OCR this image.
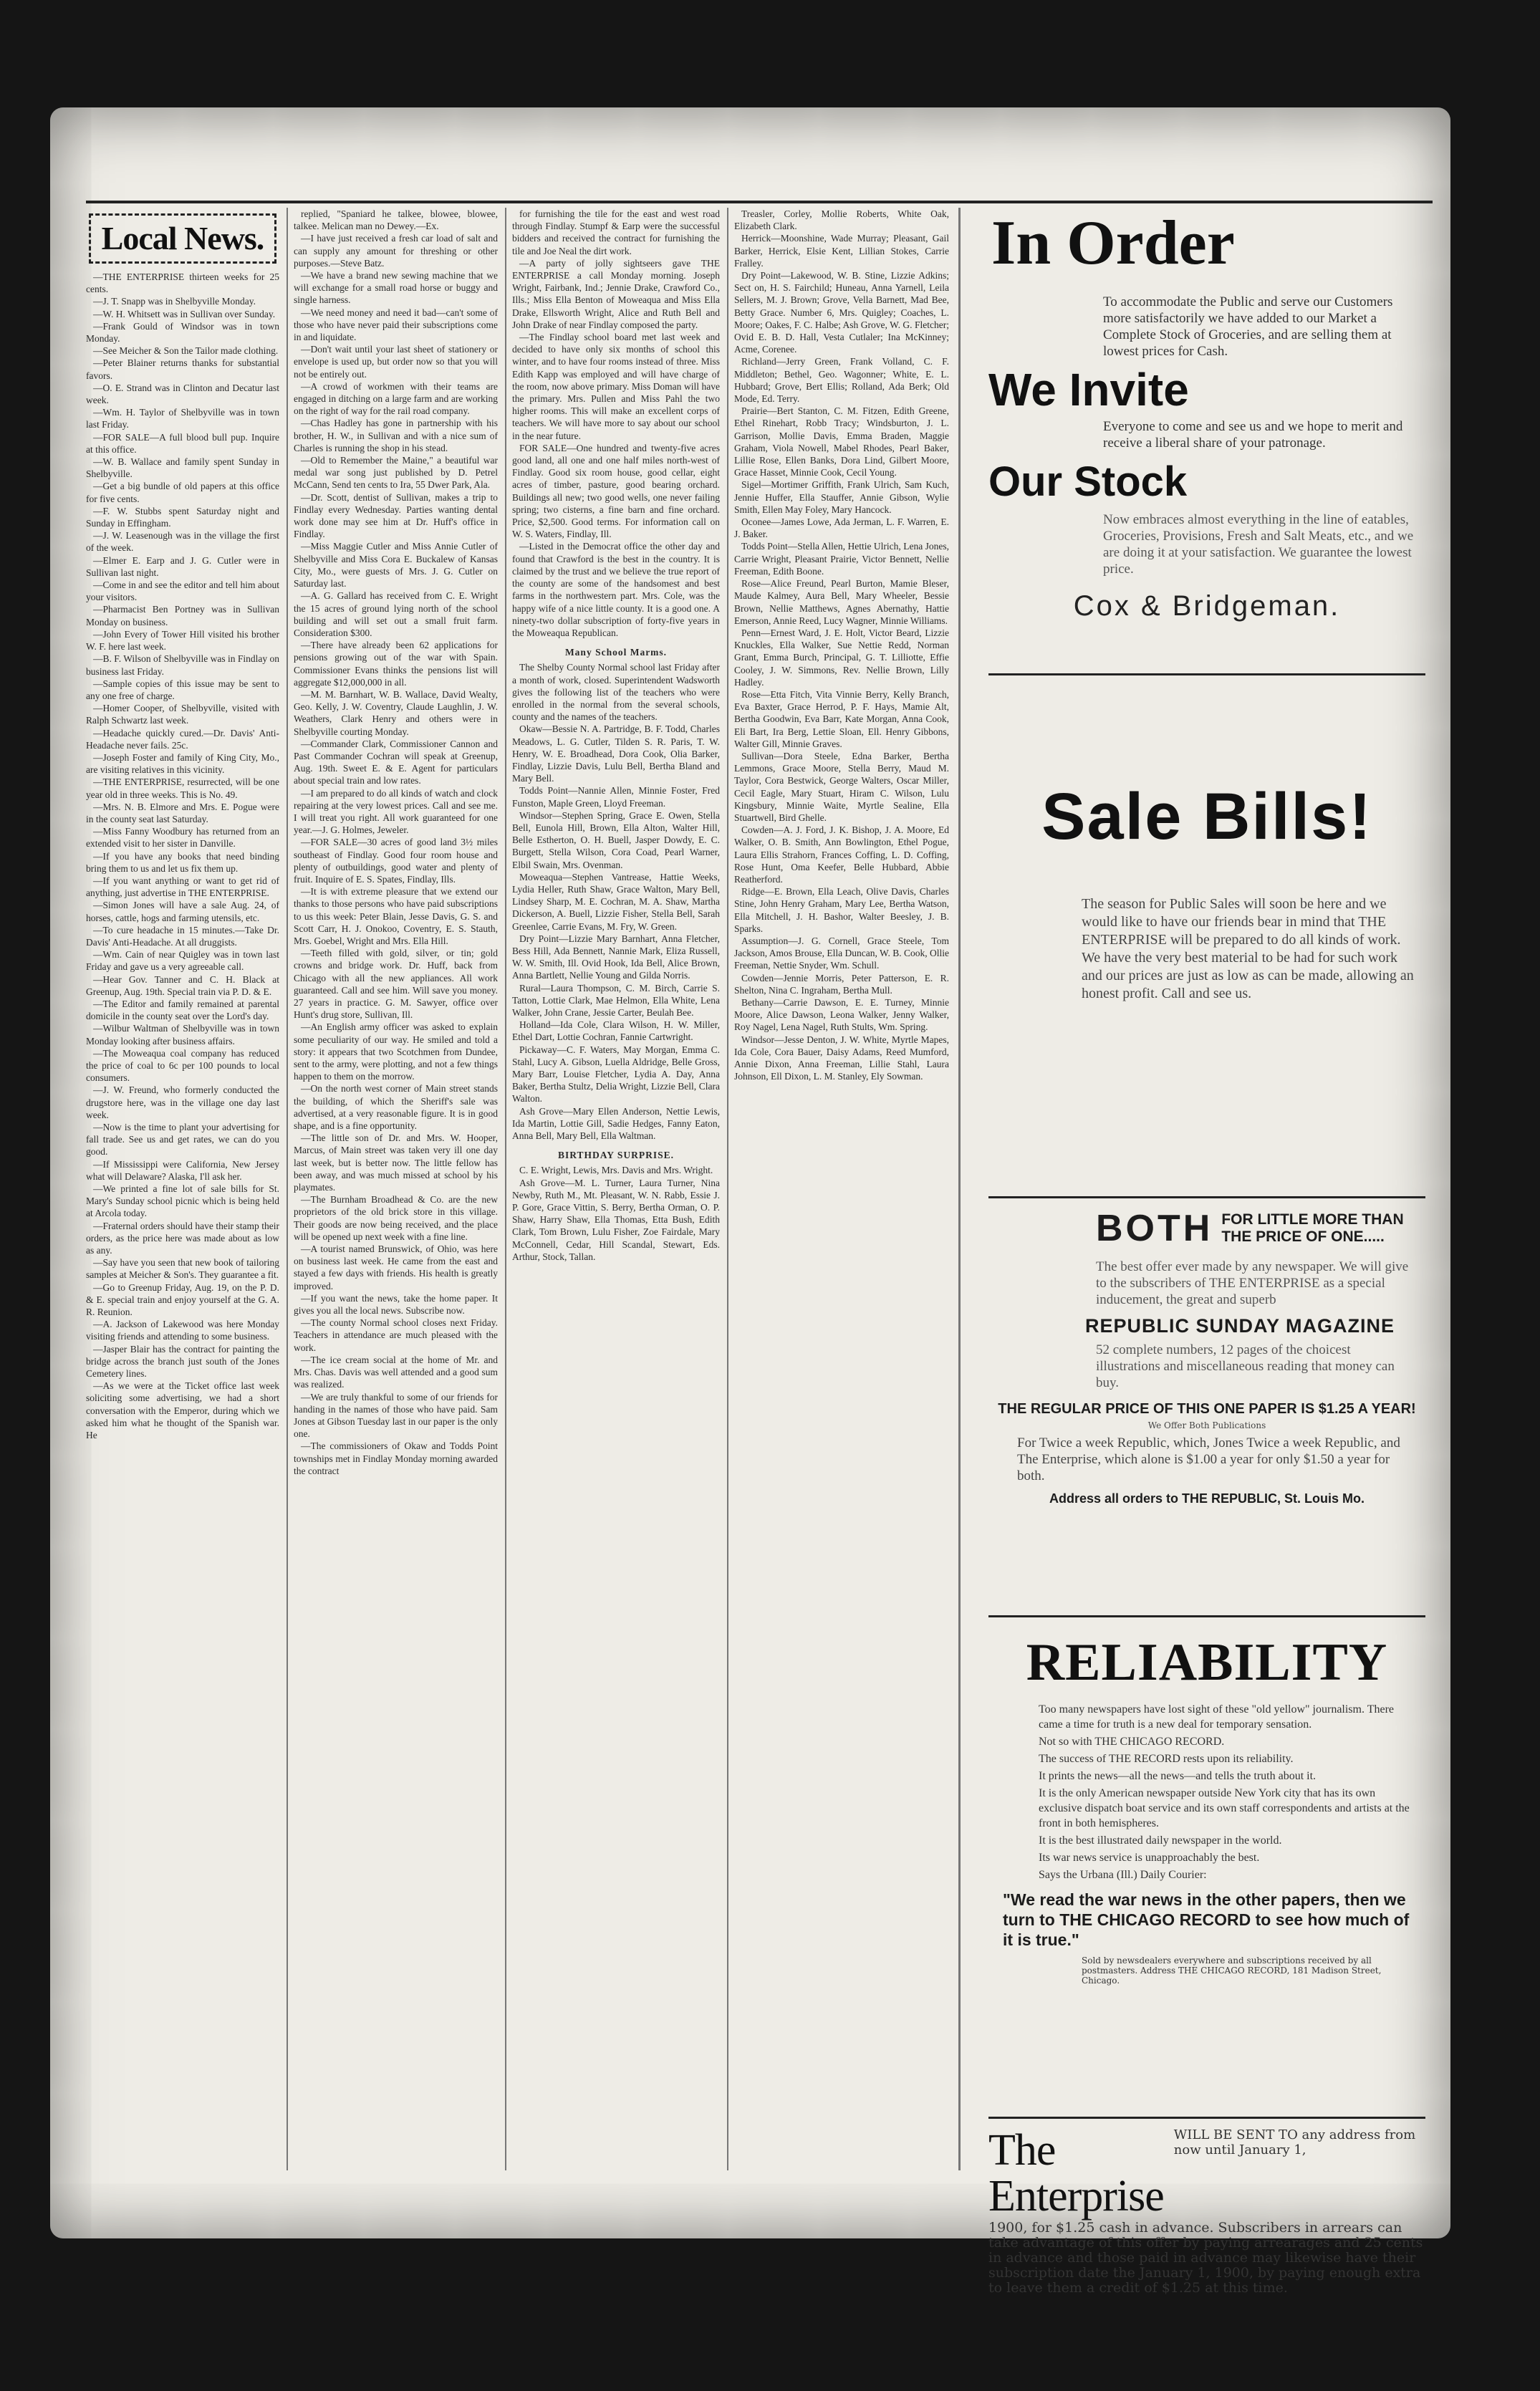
Local News.

—THE ENTERPRISE thirteen weeks for 25 cents.

—J. T. Snapp was in Shelbyville Monday.

—W. H. Whitsett was in Sullivan over Sunday.

—Frank Gould of Windsor was in town Monday.

—See Meicher & Son the Tailor made clothing.

—Peter Blainer returns thanks for substantial favors.

—O. E. Strand was in Clinton and Decatur last week.

—Wm. H. Taylor of Shelbyville was in town last Friday.

—FOR SALE—A full blood bull pup. Inquire at this office.

—W. B. Wallace and family spent Sunday in Shelbyville.

—Get a big bundle of old papers at this office for five cents.

—F. W. Stubbs spent Saturday night and Sunday in Effingham.

—J. W. Leasenough was in the village the first of the week.

—Elmer E. Earp and J. G. Cutler were in Sullivan last night.

—Come in and see the editor and tell him about your visitors.

—Pharmacist Ben Portney was in Sullivan Monday on business.

—John Every of Tower Hill visited his brother W. F. here last week.

—B. F. Wilson of Shelbyville was in Findlay on business last Friday.

—Sample copies of this issue may be sent to any one free of charge.

—Homer Cooper, of Shelbyville, visited with Ralph Schwartz last week.

—Headache quickly cured.—Dr. Davis' Anti-Headache never fails. 25c.

—Joseph Foster and family of King City, Mo., are visiting relatives in this vicinity.

—THE ENTERPRISE, resurrected, will be one year old in three weeks. This is No. 49.

—Mrs. N. B. Elmore and Mrs. E. Pogue were in the county seat last Saturday.

—Miss Fanny Woodbury has returned from an extended visit to her sister in Danville.

—If you have any books that need binding bring them to us and let us fix them up.

—If you want anything or want to get rid of anything, just advertise in THE ENTERPRISE.

—Simon Jones will have a sale Aug. 24, of horses, cattle, hogs and farming utensils, etc.

—To cure headache in 15 minutes.—Take Dr. Davis' Anti-Headache. At all druggists.

—Wm. Cain of near Quigley was in town last Friday and gave us a very agreeable call.

—Hear Gov. Tanner and C. H. Black at Greenup, Aug. 19th. Special train via P. D. & E.

—The Editor and family remained at parental domicile in the county seat over the Lord's day.

—Wilbur Waltman of Shelbyville was in town Monday looking after business affairs.

—The Moweaqua coal company has reduced the price of coal to 6c per 100 pounds to local consumers.

—J. W. Freund, who formerly conducted the drugstore here, was in the village one day last week.

—Now is the time to plant your advertising for fall trade. See us and get rates, we can do you good.

—If Mississippi were California, New Jersey what will Delaware? Alaska, I'll ask her.

—We printed a fine lot of sale bills for St. Mary's Sunday school picnic which is being held at Arcola today.

—Fraternal orders should have their stamp their orders, as the price here was made about as low as any.

—Say have you seen that new book of tailoring samples at Meicher & Son's. They guarantee a fit.

—Go to Greenup Friday, Aug. 19, on the P. D. & E. special train and enjoy yourself at the G. A. R. Reunion.

—A. Jackson of Lakewood was here Monday visiting friends and attending to some business.

—Jasper Blair has the contract for painting the bridge across the branch just south of the Jones Cemetery lines.

—As we were at the Ticket office last week soliciting some advertising, we had a short conversation with the Emperor, during which we asked him what he thought of the Spanish war. He

replied, "Spaniard he talkee, blowee, blowee, talkee. Melican man no Dewey.—Ex.

—I have just received a fresh car load of salt and can supply any amount for threshing or other purposes.—Steve Batz.

—We have a brand new sewing machine that we will exchange for a small road horse or buggy and single harness.

—We need money and need it bad—can't some of those who have never paid their subscriptions come in and liquidate.

—Don't wait until your last sheet of stationery or envelope is used up, but order now so that you will not be entirely out.

—A crowd of workmen with their teams are engaged in ditching on a large farm and are working on the right of way for the rail road company.

—Chas Hadley has gone in partnership with his brother, H. W., in Sullivan and with a nice sum of Charles is running the shop in his stead.

—Old to Remember the Maine," a beautiful war medal war song just published by D. Petrel McCann, Send ten cents to Ira, 55 Dwer Park, Ala.

—Dr. Scott, dentist of Sullivan, makes a trip to Findlay every Wednesday. Parties wanting dental work done may see him at Dr. Huff's office in Findlay.

—Miss Maggie Cutler and Miss Annie Cutler of Shelbyville and Miss Cora E. Buckalew of Kansas City, Mo., were guests of Mrs. J. G. Cutler on Saturday last.

—A. G. Gallard has received from C. E. Wright the 15 acres of ground lying north of the school building and will set out a small fruit farm. Consideration $300.

—There have already been 62 applications for pensions growing out of the war with Spain. Commissioner Evans thinks the pensions list will aggregate $12,000,000 in all.

—M. M. Barnhart, W. B. Wallace, David Wealty, Geo. Kelly, J. W. Coventry, Claude Laughlin, J. W. Weathers, Clark Henry and others were in Shelbyville courting Monday.

—Commander Clark, Commissioner Cannon and Past Commander Cochran will speak at Greenup, Aug. 19th. Sweet E. & E. Agent for particulars about special train and low rates.

—I am prepared to do all kinds of watch and clock repairing at the very lowest prices. Call and see me. I will treat you right. All work guaranteed for one year.—J. G. Holmes, Jeweler.

—FOR SALE—30 acres of good land 3½ miles southeast of Findlay. Good four room house and plenty of outbuildings, good water and plenty of fruit. Inquire of E. S. Spates, Findlay, Ills.

—It is with extreme pleasure that we extend our thanks to those persons who have paid subscriptions to us this week: Peter Blain, Jesse Davis, G. S. and Scott Carr, H. J. Onokoo, Coventry, E. S. Stauth, Mrs. Goebel, Wright and Mrs. Ella Hill.

—Teeth filled with gold, silver, or tin; gold crowns and bridge work. Dr. Huff, back from Chicago with all the new appliances. All work guaranteed. Call and see him. Will save you money. 27 years in practice. G. M. Sawyer, office over Hunt's drug store, Sullivan, Ill.

—An English army officer was asked to explain some peculiarity of our way. He smiled and told a story: it appears that two Scotchmen from Dundee, sent to the army, were plotting, and not a few things happen to them on the morrow.

—On the north west corner of Main street stands the building, of which the Sheriff's sale was advertised, at a very reasonable figure. It is in good shape, and is a fine opportunity.

—The little son of Dr. and Mrs. W. Hooper, Marcus, of Main street was taken very ill one day last week, but is better now. The little fellow has been away, and was much missed at school by his playmates.

—The Burnham Broadhead & Co. are the new proprietors of the old brick store in this village. Their goods are now being received, and the place will be opened up next week with a fine line.

—A tourist named Brunswick, of Ohio, was here on business last week. He came from the east and stayed a few days with friends. His health is greatly improved.

—If you want the news, take the home paper. It gives you all the local news. Subscribe now.

—The county Normal school closes next Friday. Teachers in attendance are much pleased with the work.

—The ice cream social at the home of Mr. and Mrs. Chas. Davis was well attended and a good sum was realized.

—We are truly thankful to some of our friends for handing in the names of those who have paid. Sam Jones at Gibson Tuesday last in our paper is the only one.

—The commissioners of Okaw and Todds Point townships met in Findlay Monday morning awarded the contract

for furnishing the tile for the east and west road through Findlay. Stumpf & Earp were the successful bidders and received the contract for furnishing the tile and Joe Neal the dirt work.

—A party of jolly sightseers gave THE ENTERPRISE a call Monday morning. Joseph Wright, Fairbank, Ind.; Jennie Drake, Crawford Co., Ills.; Miss Ella Benton of Moweaqua and Miss Ella Drake, Ellsworth Wright, Alice and Ruth Bell and John Drake of near Findlay composed the party.

—The Findlay school board met last week and decided to have only six months of school this winter, and to have four rooms instead of three. Miss Edith Kapp was employed and will have charge of the room, now above primary. Miss Doman will have the primary. Mrs. Pullen and Miss Pahl the two higher rooms. This will make an excellent corps of teachers. We will have more to say about our school in the near future.

FOR SALE—One hundred and twenty-five acres good land, all one and one half miles north-west of Findlay. Good six room house, good cellar, eight acres of timber, pasture, good bearing orchard. Buildings all new; two good wells, one never failing spring; two cisterns, a fine barn and fine orchard. Price, $2,500. Good terms. For information call on W. S. Waters, Findlay, Ill.

—Listed in the Democrat office the other day and found that Crawford is the best in the country. It is claimed by the trust and we believe the true report of the county are some of the handsomest and best farms in the northwestern part. Mrs. Cole, was the happy wife of a nice little county. It is a good one. A ninety-two dollar subscription of forty-five years in the Moweaqua Republican.

Many School Marms.

The Shelby County Normal school last Friday after a month of work, closed. Superintendent Wadsworth gives the following list of the teachers who were enrolled in the normal from the several schools, county and the names of the teachers.

Okaw—Bessie N. A. Partridge, B. F. Todd, Charles Meadows, L. G. Cutler, Tilden S. R. Paris, T. W. Henry, W. E. Broadhead, Dora Cook, Olia Barker, Findlay, Lizzie Davis, Lulu Bell, Bertha Bland and Mary Bell.

Todds Point—Nannie Allen, Minnie Foster, Fred Funston, Maple Green, Lloyd Freeman.

Windsor—Stephen Spring, Grace E. Owen, Stella Bell, Eunola Hill, Brown, Ella Alton, Walter Hill, Belle Estherton, O. H. Buell, Jasper Dowdy, E. C. Burgett, Stella Wilson, Cora Coad, Pearl Warner, Elbil Swain, Mrs. Ovenman.

Moweaqua—Stephen Vantrease, Hattie Weeks, Lydia Heller, Ruth Shaw, Grace Walton, Mary Bell, Lindsey Sharp, M. E. Cochran, M. A. Shaw, Martha Dickerson, A. Buell, Lizzie Fisher, Stella Bell, Sarah Greenlee, Carrie Evans, M. Fry, W. Green.

Dry Point—Lizzie Mary Barnhart, Anna Fletcher, Bess Hill, Ada Bennett, Nannie Mark, Eliza Russell, W. W. Smith, Ill. Ovid Hook, Ida Bell, Alice Brown, Anna Bartlett, Nellie Young and Gilda Norris.

Rural—Laura Thompson, C. M. Birch, Carrie S. Tatton, Lottie Clark, Mae Helmon, Ella White, Lena Walker, John Crane, Jessie Carter, Beulah Bee.

Holland—Ida Cole, Clara Wilson, H. W. Miller, Ethel Dart, Lottie Cochran, Fannie Cartwright.

Pickaway—C. F. Waters, May Morgan, Emma C. Stahl, Lucy A. Gibson, Luella Aldridge, Belle Gross, Mary Barr, Louise Fletcher, Lydia A. Day, Anna Baker, Bertha Stultz, Delia Wright, Lizzie Bell, Clara Walton.

Ash Grove—Mary Ellen Anderson, Nettie Lewis, Ida Martin, Lottie Gill, Sadie Hedges, Fanny Eaton, Anna Bell, Mary Bell, Ella Waltman.

BIRTHDAY SURPRISE.

C. E. Wright, Lewis, Mrs. Davis and Mrs. Wright.

Ash Grove—M. L. Turner, Laura Turner, Nina Newby, Ruth M., Mt. Pleasant, W. N. Rabb, Essie J. P. Gore, Grace Vittin, S. Berry, Bertha Orman, O. P. Shaw, Harry Shaw, Ella Thomas, Etta Bush, Edith Clark, Tom Brown, Lulu Fisher, Zoe Fairdale, Mary McConnell, Cedar, Hill Scandal, Stewart, Eds. Arthur, Stock, Tallan.

Treasler, Corley, Mollie Roberts, White Oak, Elizabeth Clark.

Herrick—Moonshine, Wade Murray; Pleasant, Gail Barker, Herrick, Elsie Kent, Lillian Stokes, Carrie Fralley.

Dry Point—Lakewood, W. B. Stine, Lizzie Adkins; Sect on, H. S. Fairchild; Huneau, Anna Yarnell, Leila Sellers, M. J. Brown; Grove, Vella Barnett, Mad Bee, Betty Grace. Number 6, Mrs. Quigley; Coaches, L. Moore; Oakes, F. C. Halbe; Ash Grove, W. G. Fletcher; Ovid E. B. D. Hall, Vesta Cutlaler; Ina McKinney; Acme, Corenee.

Richland—Jerry Green, Frank Volland, C. F. Middleton; Bethel, Geo. Wagonner; White, E. L. Hubbard; Grove, Bert Ellis; Rolland, Ada Berk; Old Mode, Ed. Terry.

Prairie—Bert Stanton, C. M. Fitzen, Edith Greene, Ethel Rinehart, Robb Tracy; Windsburton, J. L. Garrison, Mollie Davis, Emma Braden, Maggie Graham, Viola Nowell, Mabel Rhodes, Pearl Baker, Lillie Rose, Ellen Banks, Dora Lind, Gilbert Moore, Grace Hasset, Minnie Cook, Cecil Young.

Sigel—Mortimer Griffith, Frank Ulrich, Sam Kuch, Jennie Huffer, Ella Stauffer, Annie Gibson, Wylie Smith, Ellen May Foley, Mary Hancock.

Oconee—James Lowe, Ada Jerman, L. F. Warren, E. J. Baker.

Todds Point—Stella Allen, Hettie Ulrich, Lena Jones, Carrie Wright, Pleasant Prairie, Victor Bennett, Nellie Freeman, Edith Boone.

Rose—Alice Freund, Pearl Burton, Mamie Bleser, Maude Kalmey, Aura Bell, Mary Wheeler, Bessie Brown, Nellie Matthews, Agnes Abernathy, Hattie Emerson, Annie Reed, Lucy Wagner, Minnie Williams.

Penn—Ernest Ward, J. E. Holt, Victor Beard, Lizzie Knuckles, Ella Walker, Sue Nettie Redd, Norman Grant, Emma Burch, Principal, G. T. Lilliotte, Effie Cooley, J. W. Simmons, Rev. Nellie Brown, Lilly Hadley.

Rose—Etta Fitch, Vita Vinnie Berry, Kelly Branch, Eva Baxter, Grace Herrod, P. F. Hays, Mamie Alt, Bertha Goodwin, Eva Barr, Kate Morgan, Anna Cook, Eli Bart, Ira Berg, Lettie Sloan, Ell. Henry Gibbons, Walter Gill, Minnie Graves.

Sullivan—Dora Steele, Edna Barker, Bertha Lemmons, Grace Moore, Stella Berry, Maud M. Taylor, Cora Bestwick, George Walters, Oscar Miller, Cecil Eagle, Mary Stuart, Hiram C. Wilson, Lulu Kingsbury, Minnie Waite, Myrtle Sealine, Ella Stuartwell, Bird Ghelle.

Cowden—A. J. Ford, J. K. Bishop, J. A. Moore, Ed Walker, O. B. Smith, Ann Bowlington, Ethel Pogue, Laura Ellis Strahorn, Frances Coffing, L. D. Coffing, Rose Hunt, Oma Keefer, Belle Hubbard, Abbie Reatherford.

Ridge—E. Brown, Ella Leach, Olive Davis, Charles Stine, John Henry Graham, Mary Lee, Bertha Watson, Ella Mitchell, J. H. Bashor, Walter Beesley, J. B. Sparks.

Assumption—J. G. Cornell, Grace Steele, Tom Jackson, Amos Brouse, Ella Duncan, W. B. Cook, Ollie Freeman, Nettie Snyder, Wm. Schull.

Cowden—Jennie Morris, Peter Patterson, E. R. Shelton, Nina C. Ingraham, Bertha Mull.

Bethany—Carrie Dawson, E. E. Turney, Minnie Moore, Alice Dawson, Leona Walker, Jenny Walker, Roy Nagel, Lena Nagel, Ruth Stults, Wm. Spring.

Windsor—Jesse Denton, J. W. White, Myrtle Mapes, Ida Cole, Cora Bauer, Daisy Adams, Reed Mumford, Annie Dixon, Anna Freeman, Lillie Stahl, Laura Johnson, Ell Dixon, L. M. Stanley, Ely Sowman.

In Order
To accommodate the Public and serve our Customers more satisfactorily we have added to our Market a Complete Stock of Groceries, and are selling them at lowest prices for Cash.
We Invite
Everyone to come and see us and we hope to merit and receive a liberal share of your patronage.
Our Stock
Now embraces almost everything in the line of eatables, Groceries, Provisions, Fresh and Salt Meats, etc., and we are doing it at your satisfaction. We guarantee the lowest price.
Cox & Bridgeman.
Sale Bills!
The season for Public Sales will soon be here and we would like to have our friends bear in mind that THE ENTERPRISE will be prepared to do all kinds of work. We have the very best material to be had for such work and our prices are just as low as can be made, allowing an honest profit. Call and see us.
BOTH FOR LITTLE MORE THAN
THE PRICE OF ONE.....
The best offer ever made by any newspaper. We will give to the subscribers of THE ENTERPRISE as a special inducement, the great and superb
REPUBLIC SUNDAY MAGAZINE
52 complete numbers, 12 pages of the choicest illustrations and miscellaneous reading that money can buy.
THE REGULAR PRICE OF THIS ONE PAPER IS $1.25 A YEAR!
We Offer Both Publications
For Twice a week Republic, which, Jones Twice a week Republic, and The Enterprise, which alone is $1.00 a year for only $1.50 a year for both.
Address all orders to THE REPUBLIC, St. Louis Mo.
RELIABILITY
Too many newspapers have lost sight of these "old yellow" journalism. There came a time for truth is a new deal for temporary sensation.
Not so with THE CHICAGO RECORD.
The success of THE RECORD rests upon its reliability.
It prints the news—all the news—and tells the truth about it.
It is the only American newspaper outside New York city that has its own exclusive dispatch boat service and its own staff correspondents and artists at the front in both hemispheres.
It is the best illustrated daily newspaper in the world.
Its war news service is unapproachably the best.
Says the Urbana (Ill.) Daily Courier:
"We read the war news in the other papers, then we turn to THE CHICAGO RECORD to see how much of it is true."
Sold by newsdealers everywhere and subscriptions received by all postmasters. Address THE CHICAGO RECORD, 181 Madison Street, Chicago.
The Enterprise
WILL BE SENT TO any address from now until January 1,
1900, for $1.25 cash in advance. Subscribers in arrears can take advantage of this offer by paying arrearages and 25 cents in advance and those paid in advance may likewise have their subscription date the January 1, 1900, by paying enough extra to leave them a credit of $1.25 at this time.
